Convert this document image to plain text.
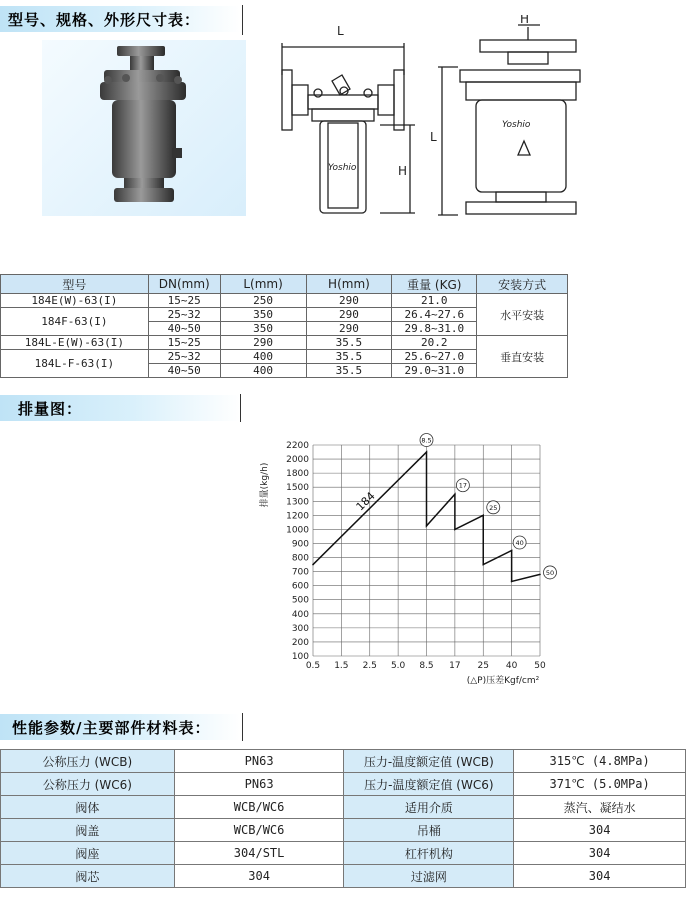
型号、规格、外形尺寸表：
L
H
H
L
Yoshio
Yoshio
型号	DN(mm)	L(mm)	H(mm)	重量 (KG)	安装方式
184E(W)-63(I)	15~25	250	290	21.0	水平安装
184F-63(I)	25~32	350	290	26.4~27.6	
	40~50	350	290	29.8~31.0	
184L-E(W)-63(I)	15~25	290	35.5	20.2	垂直安装
184L-F-63(I)	25~32	400	35.5	25.6~27.0	
	40~50	400	35.5	29.0~31.0	
排量图：
100
200
300
400
500
600
700
800
900
1000
1200
1300
1500
1800
2000
2200
0.5 1.5 2.5 5.0 8.5 17 25 40 50
184
8.5
17
25
40
50
排量(kg/h)
(△P)压差Kgf/cm²
性能参数/主要部件材料表：
公称压力 (WCB)	PN63	压力-温度额定值 (WCB)	315℃ (4.8MPa)
公称压力 (WC6)	PN63	压力-温度额定值 (WC6)	371℃ (5.0MPa)
阀体	WCB/WC6	适用介质	蒸汽、凝结水
阀盖	WCB/WC6	吊桶	304
阀座	304/STL	杠杆机构	304
阀芯	304	过滤网	304
